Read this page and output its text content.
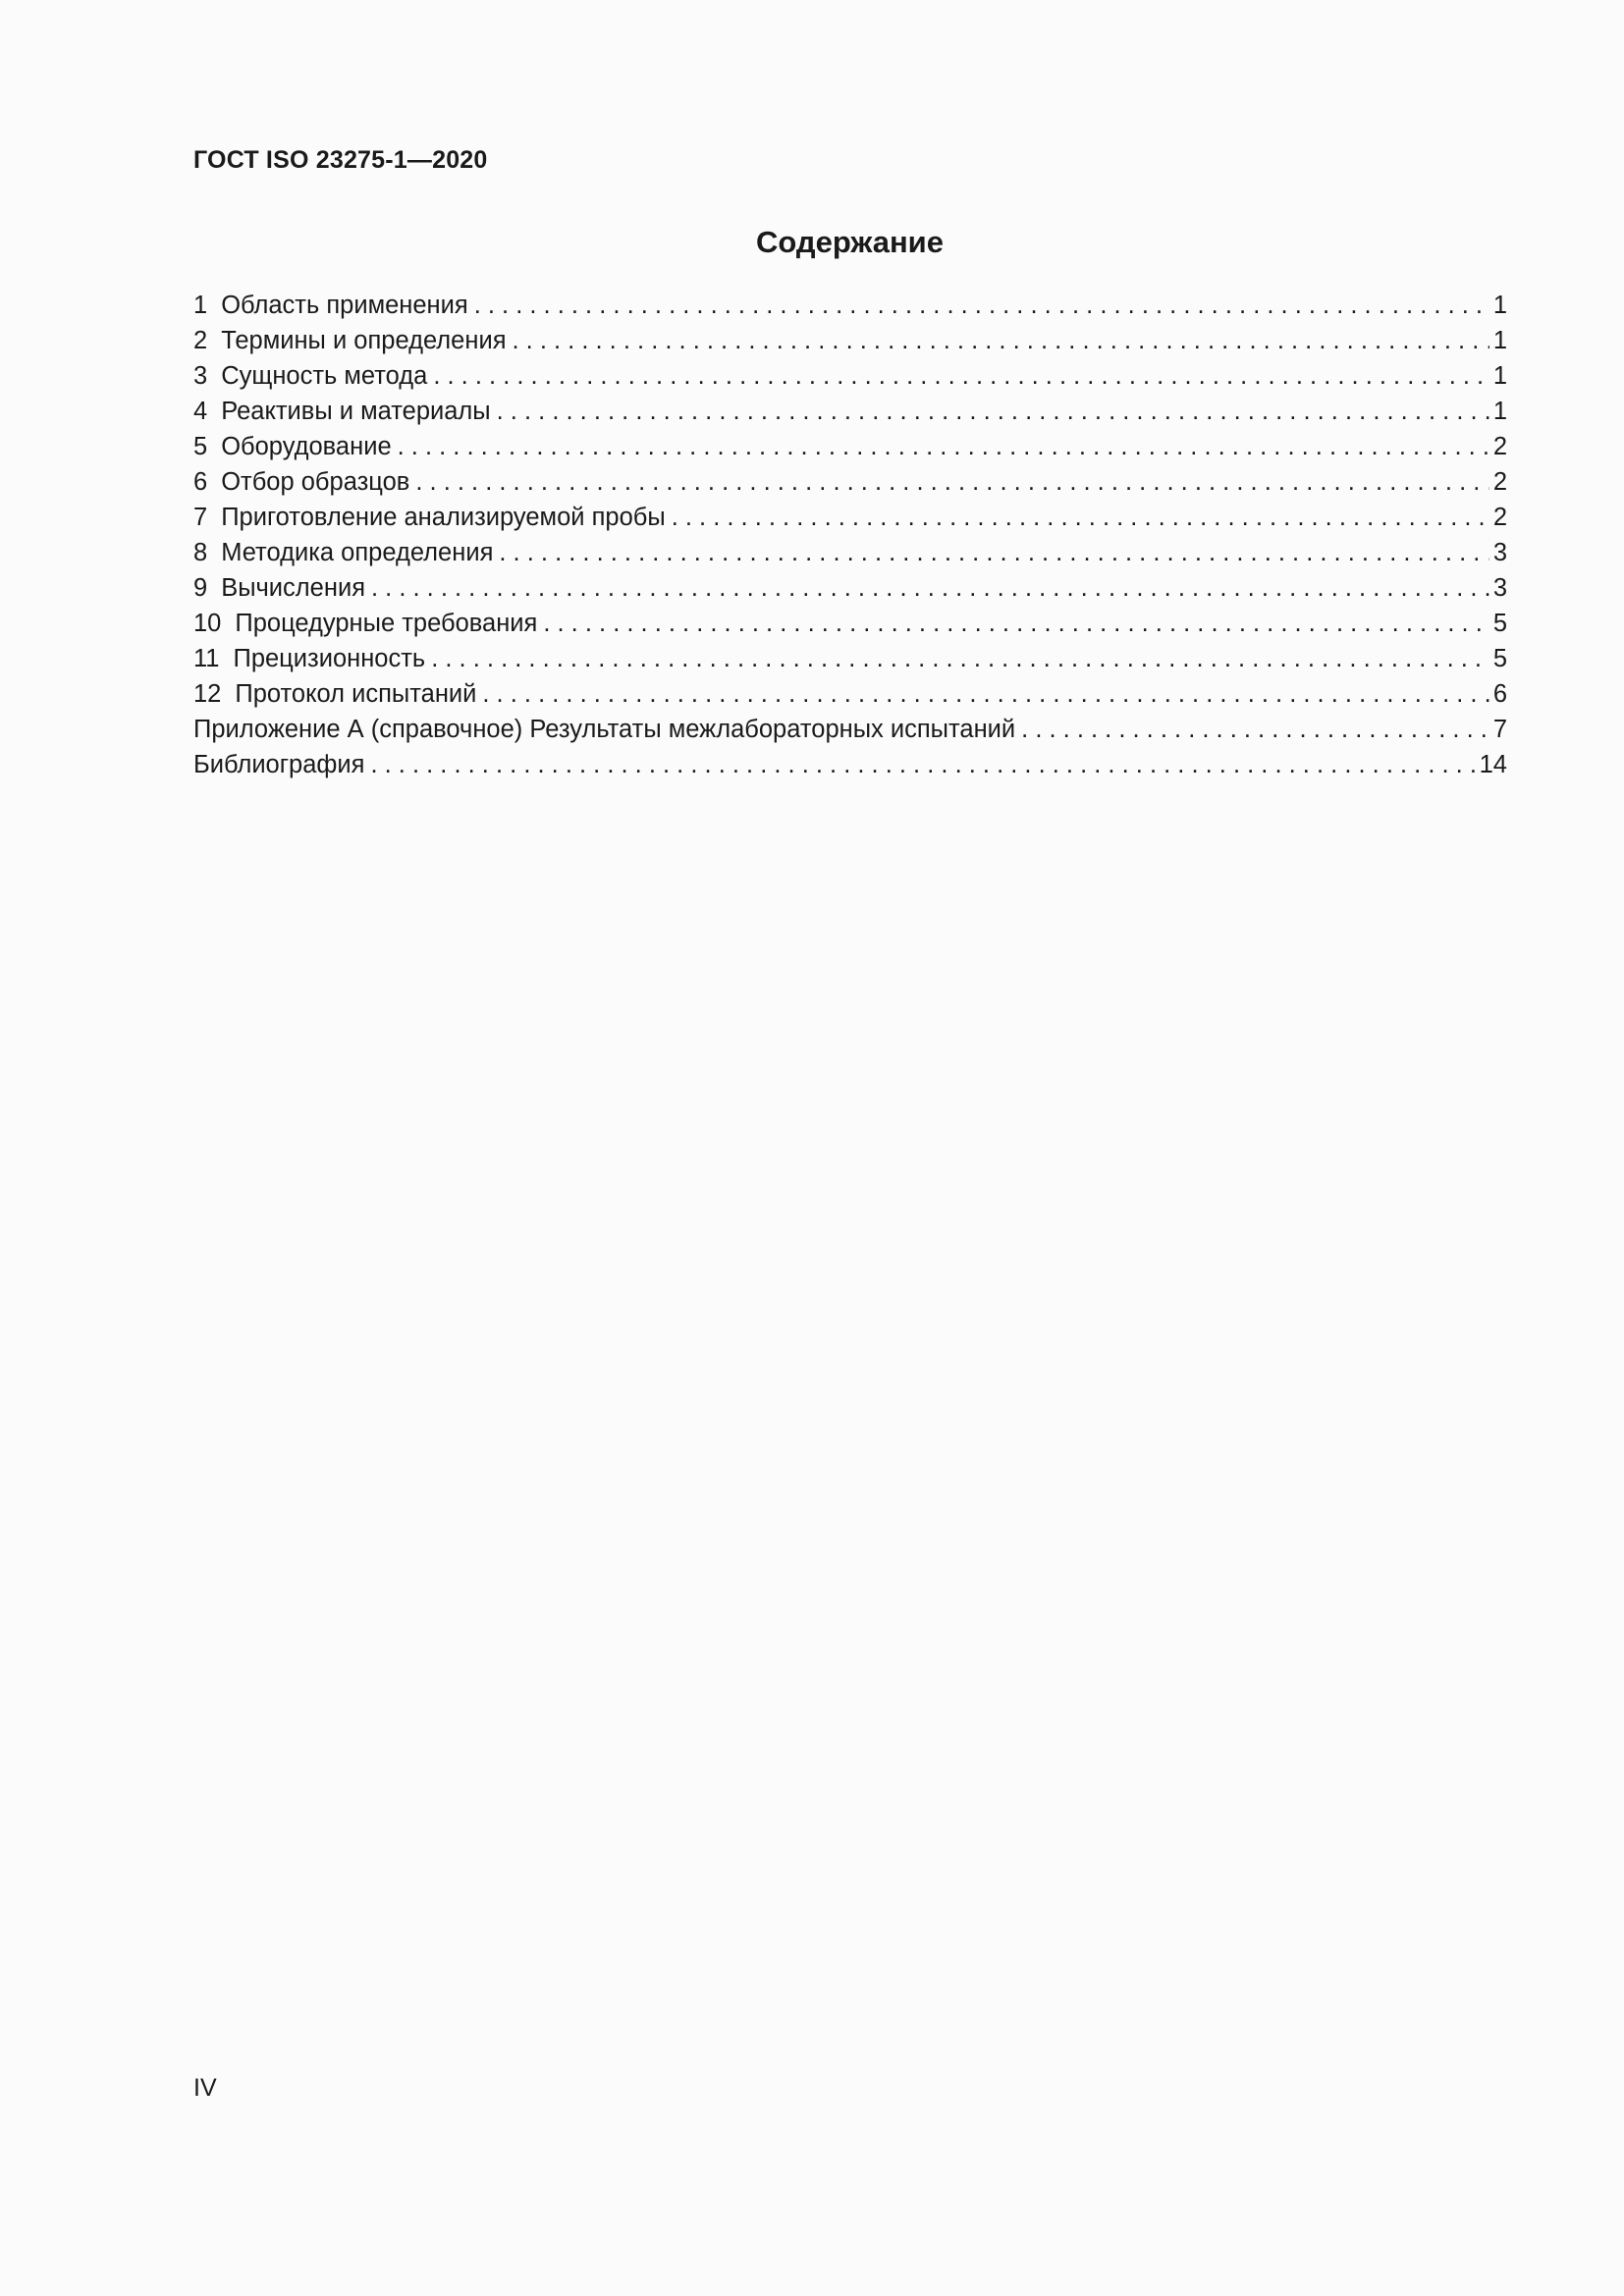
ГОСТ ISO 23275-1—2020
Содержание
1 Область применения . . .	1
2 Термины и определения . . .	1
3 Сущность метода . . .	1
4 Реактивы и материалы . . .	1
5 Оборудование . . .	2
6 Отбор образцов . . .	2
7 Приготовление анализируемой пробы . . .	2
8 Методика определения . . .	3
9 Вычисления . . .	3
10 Процедурные требования . . .	5
11 Прецизионность . . .	5
12 Протокол испытаний . . .	6
Приложение А (справочное) Результаты межлабораторных испытаний . . .	7
Библиография . . .	14
IV
